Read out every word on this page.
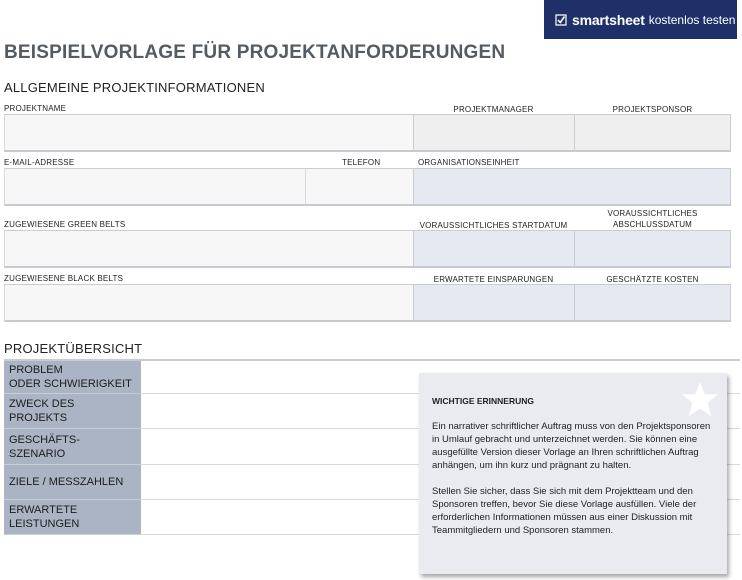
smartsheet kostenlos testen
BEISPIELVORLAGE FÜR PROJEKTANFORDERUNGEN
ALLGEMEINE PROJEKTINFORMATIONEN
PROJEKTNAME	PROJEKTMANAGER	PROJEKTSPONSOR
E-MAIL-ADRESSE	TELEFON	ORGANISATIONSEINHEIT
ZUGEWIESENE GREEN BELTS	VORAUSSICHTLICHES STARTDATUM
VORAUSSICHTLICHES ABSCHLUSSDATUM
ZUGEWIESENE BLACK BELTS	ERWARTETE EINSPARUNGEN	GESCHÄTZTE KOSTEN
PROJEKTÜBERSICHT
PROBLEM
ODER SCHWIERIGKEIT
ZWECK DES
PROJEKTS
GESCHÄFTS-
SZENARIO
ZIELE / MESSZAHLEN
ERWARTETE LEISTUNGEN
WICHTIGE ERINNERUNG

Ein narrativer schriftlicher Auftrag muss von den Projektsponsoren in Umlauf gebracht und unterzeichnet werden. Sie können eine ausgefüllte Version dieser Vorlage an Ihren schriftlichen Auftrag anhängen, um ihn kurz und prägnant zu halten.

Stellen Sie sicher, dass Sie sich mit dem Projektteam und den Sponsoren treffen, bevor Sie diese Vorlage ausfüllen. Viele der erforderlichen Informationen müssen aus einer Diskussion mit Teammitgliedern und Sponsoren stammen.
